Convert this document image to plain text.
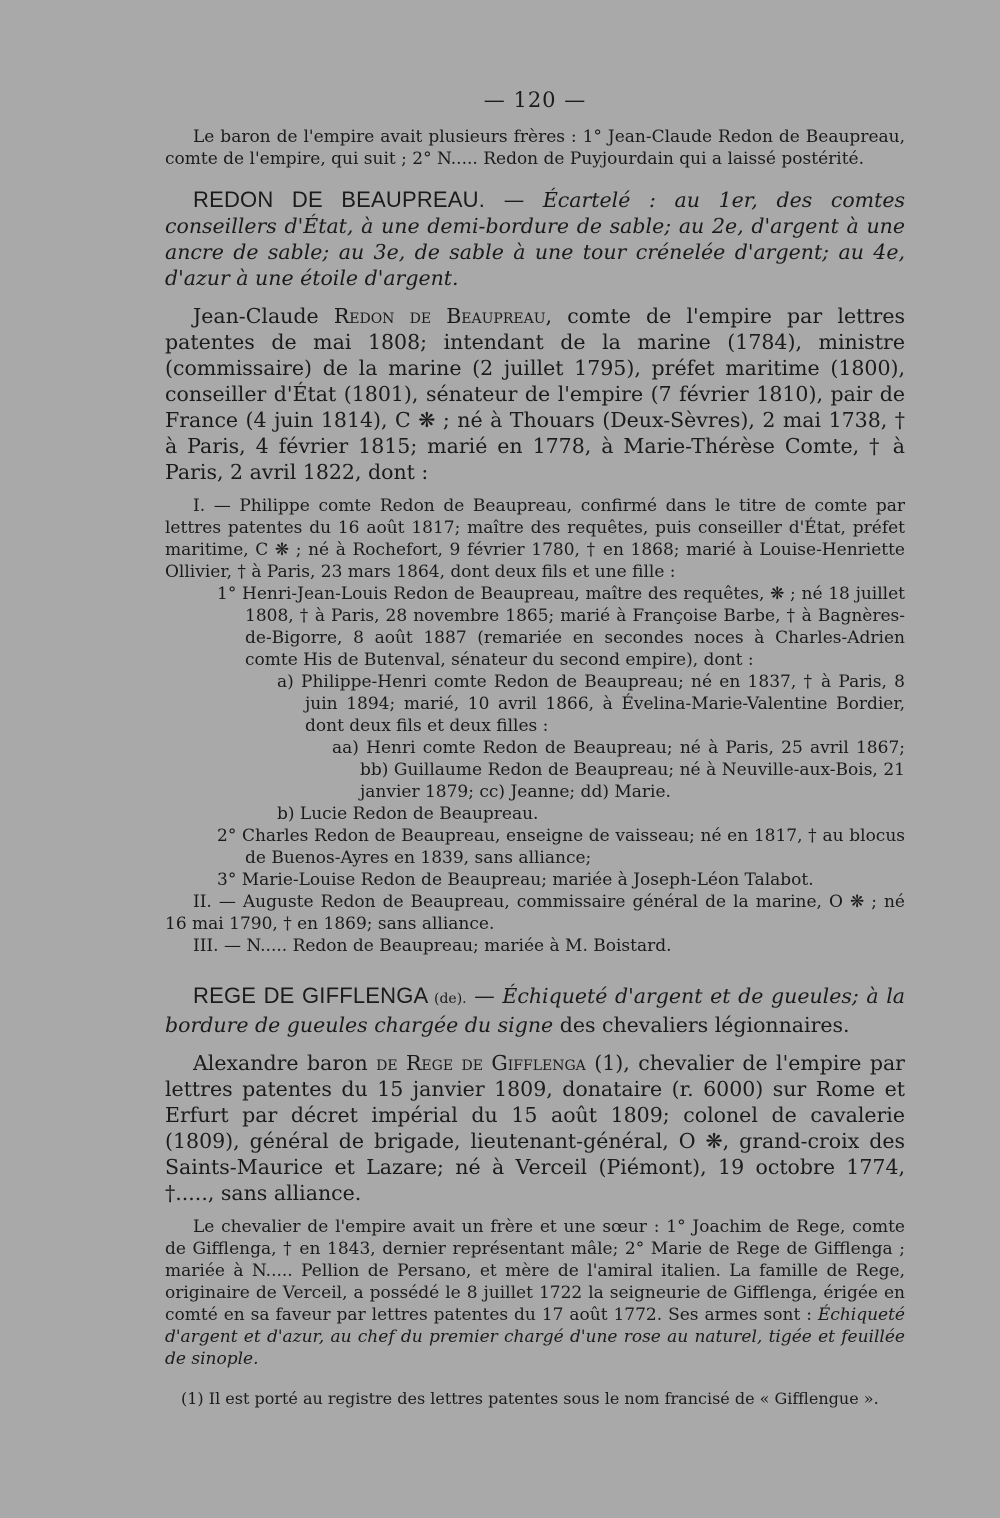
— 120 —

Le baron de l'empire avait plusieurs frères : 1° Jean-Claude Redon de Beaupreau, comte de l'empire, qui suit ; 2° N..... Redon de Puyjourdain qui a laissé postérité.

REDON DE BEAUPREAU. — Écartelé : au 1er, des comtes conseillers d'État, à une demi-bordure de sable; au 2e, d'argent à une ancre de sable; au 3e, de sable à une tour crénelée d'argent; au 4e, d'azur à une étoile d'argent.

Jean-Claude Redon de Beaupreau, comte de l'empire par lettres patentes de mai 1808; intendant de la marine (1784), ministre (commissaire) de la marine (2 juillet 1795), préfet maritime (1800), conseiller d'État (1801), sénateur de l'empire (7 février 1810), pair de France (4 juin 1814), C ❋ ; né à Thouars (Deux-Sèvres), 2 mai 1738, † à Paris, 4 février 1815; marié en 1778, à Marie-Thérèse Comte, † à Paris, 2 avril 1822, dont :

I. — Philippe comte Redon de Beaupreau, confirmé dans le titre de comte par lettres patentes du 16 août 1817; maître des requêtes, puis conseiller d'État, préfet maritime, C ❋ ; né à Rochefort, 9 février 1780, † en 1868; marié à Louise-Henriette Ollivier, † à Paris, 23 mars 1864, dont deux fils et une fille :

1° Henri-Jean-Louis Redon de Beaupreau, maître des requêtes, ❋ ; né 18 juillet 1808, † à Paris, 28 novembre 1865; marié à Françoise Barbe, † à Bagnères-de-Bigorre, 8 août 1887 (remariée en secondes noces à Charles-Adrien comte His de Butenval, sénateur du second empire), dont :

a) Philippe-Henri comte Redon de Beaupreau; né en 1837, † à Paris, 8 juin 1894; marié, 10 avril 1866, à Évelina-Marie-Valentine Bordier, dont deux fils et deux filles :

aa) Henri comte Redon de Beaupreau; né à Paris, 25 avril 1867; bb) Guillaume Redon de Beaupreau; né à Neuville-aux-Bois, 21 janvier 1879; cc) Jeanne; dd) Marie.

b) Lucie Redon de Beaupreau.

2° Charles Redon de Beaupreau, enseigne de vaisseau; né en 1817, † au blocus de Buenos-Ayres en 1839, sans alliance;

3° Marie-Louise Redon de Beaupreau; mariée à Joseph-Léon Talabot.

II. — Auguste Redon de Beaupreau, commissaire général de la marine, O ❋ ; né 16 mai 1790, † en 1869; sans alliance.

III. — N..... Redon de Beaupreau; mariée à M. Boistard.

REGE DE GIFFLENGA (de). — Échiqueté d'argent et de gueules; à la bordure de gueules chargée du signe des chevaliers légionnaires.

Alexandre baron de Rege de Gifflenga (1), chevalier de l'empire par lettres patentes du 15 janvier 1809, donataire (r. 6000) sur Rome et Erfurt par décret impérial du 15 août 1809; colonel de cavalerie (1809), général de brigade, lieutenant-général, O ❋, grand-croix des Saints-Maurice et Lazare; né à Verceil (Piémont), 19 octobre 1774, †....., sans alliance.

Le chevalier de l'empire avait un frère et une sœur : 1° Joachim de Rege, comte de Gifflenga, † en 1843, dernier représentant mâle; 2° Marie de Rege de Gifflenga ; mariée à N..... Pellion de Persano, et mère de l'amiral italien. La famille de Rege, originaire de Verceil, a possédé le 8 juillet 1722 la seigneurie de Gifflenga, érigée en comté en sa faveur par lettres patentes du 17 août 1772. Ses armes sont : Échiqueté d'argent et d'azur, au chef du premier chargé d'une rose au naturel, tigée et feuillée de sinople.

(1) Il est porté au registre des lettres patentes sous le nom francisé de « Gifflengue ».
